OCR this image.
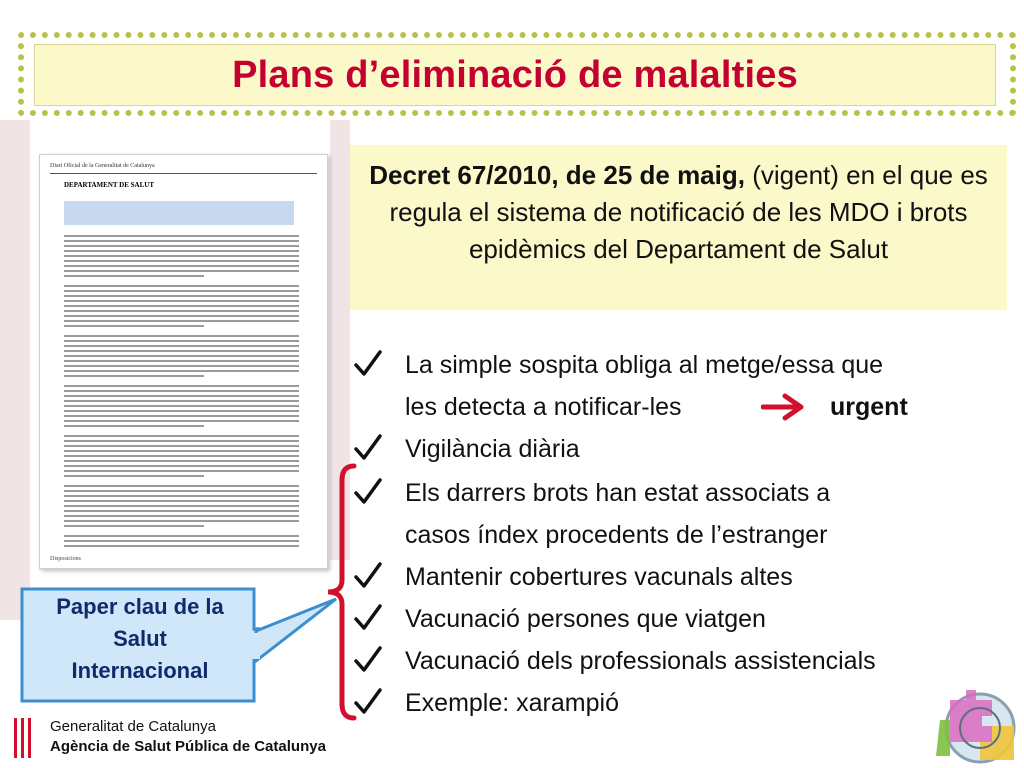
Plans d’eliminació de malalties
Diari Oficial de la Generalitat de Catalunya
DEPARTAMENT DE SALUT
Disposicions
Decret 67/2010, de 25 de maig, (vigent) en el que es regula el sistema de notificació de les MDO i brots epidèmics del Departament de Salut
La simple sospita obliga al metge/essa que
les detecta a notificar-les	urgent
Vigilància diària
Els darrers brots han estat associats a
casos índex procedents de l’estranger
Mantenir cobertures vacunals altes
Vacunació persones que viatgen
Vacunació dels professionals assistencials
Exemple: xarampió
Paper clau de la
Salut
Internacional
Generalitat de Catalunya
Agència de Salut Pública de Catalunya
